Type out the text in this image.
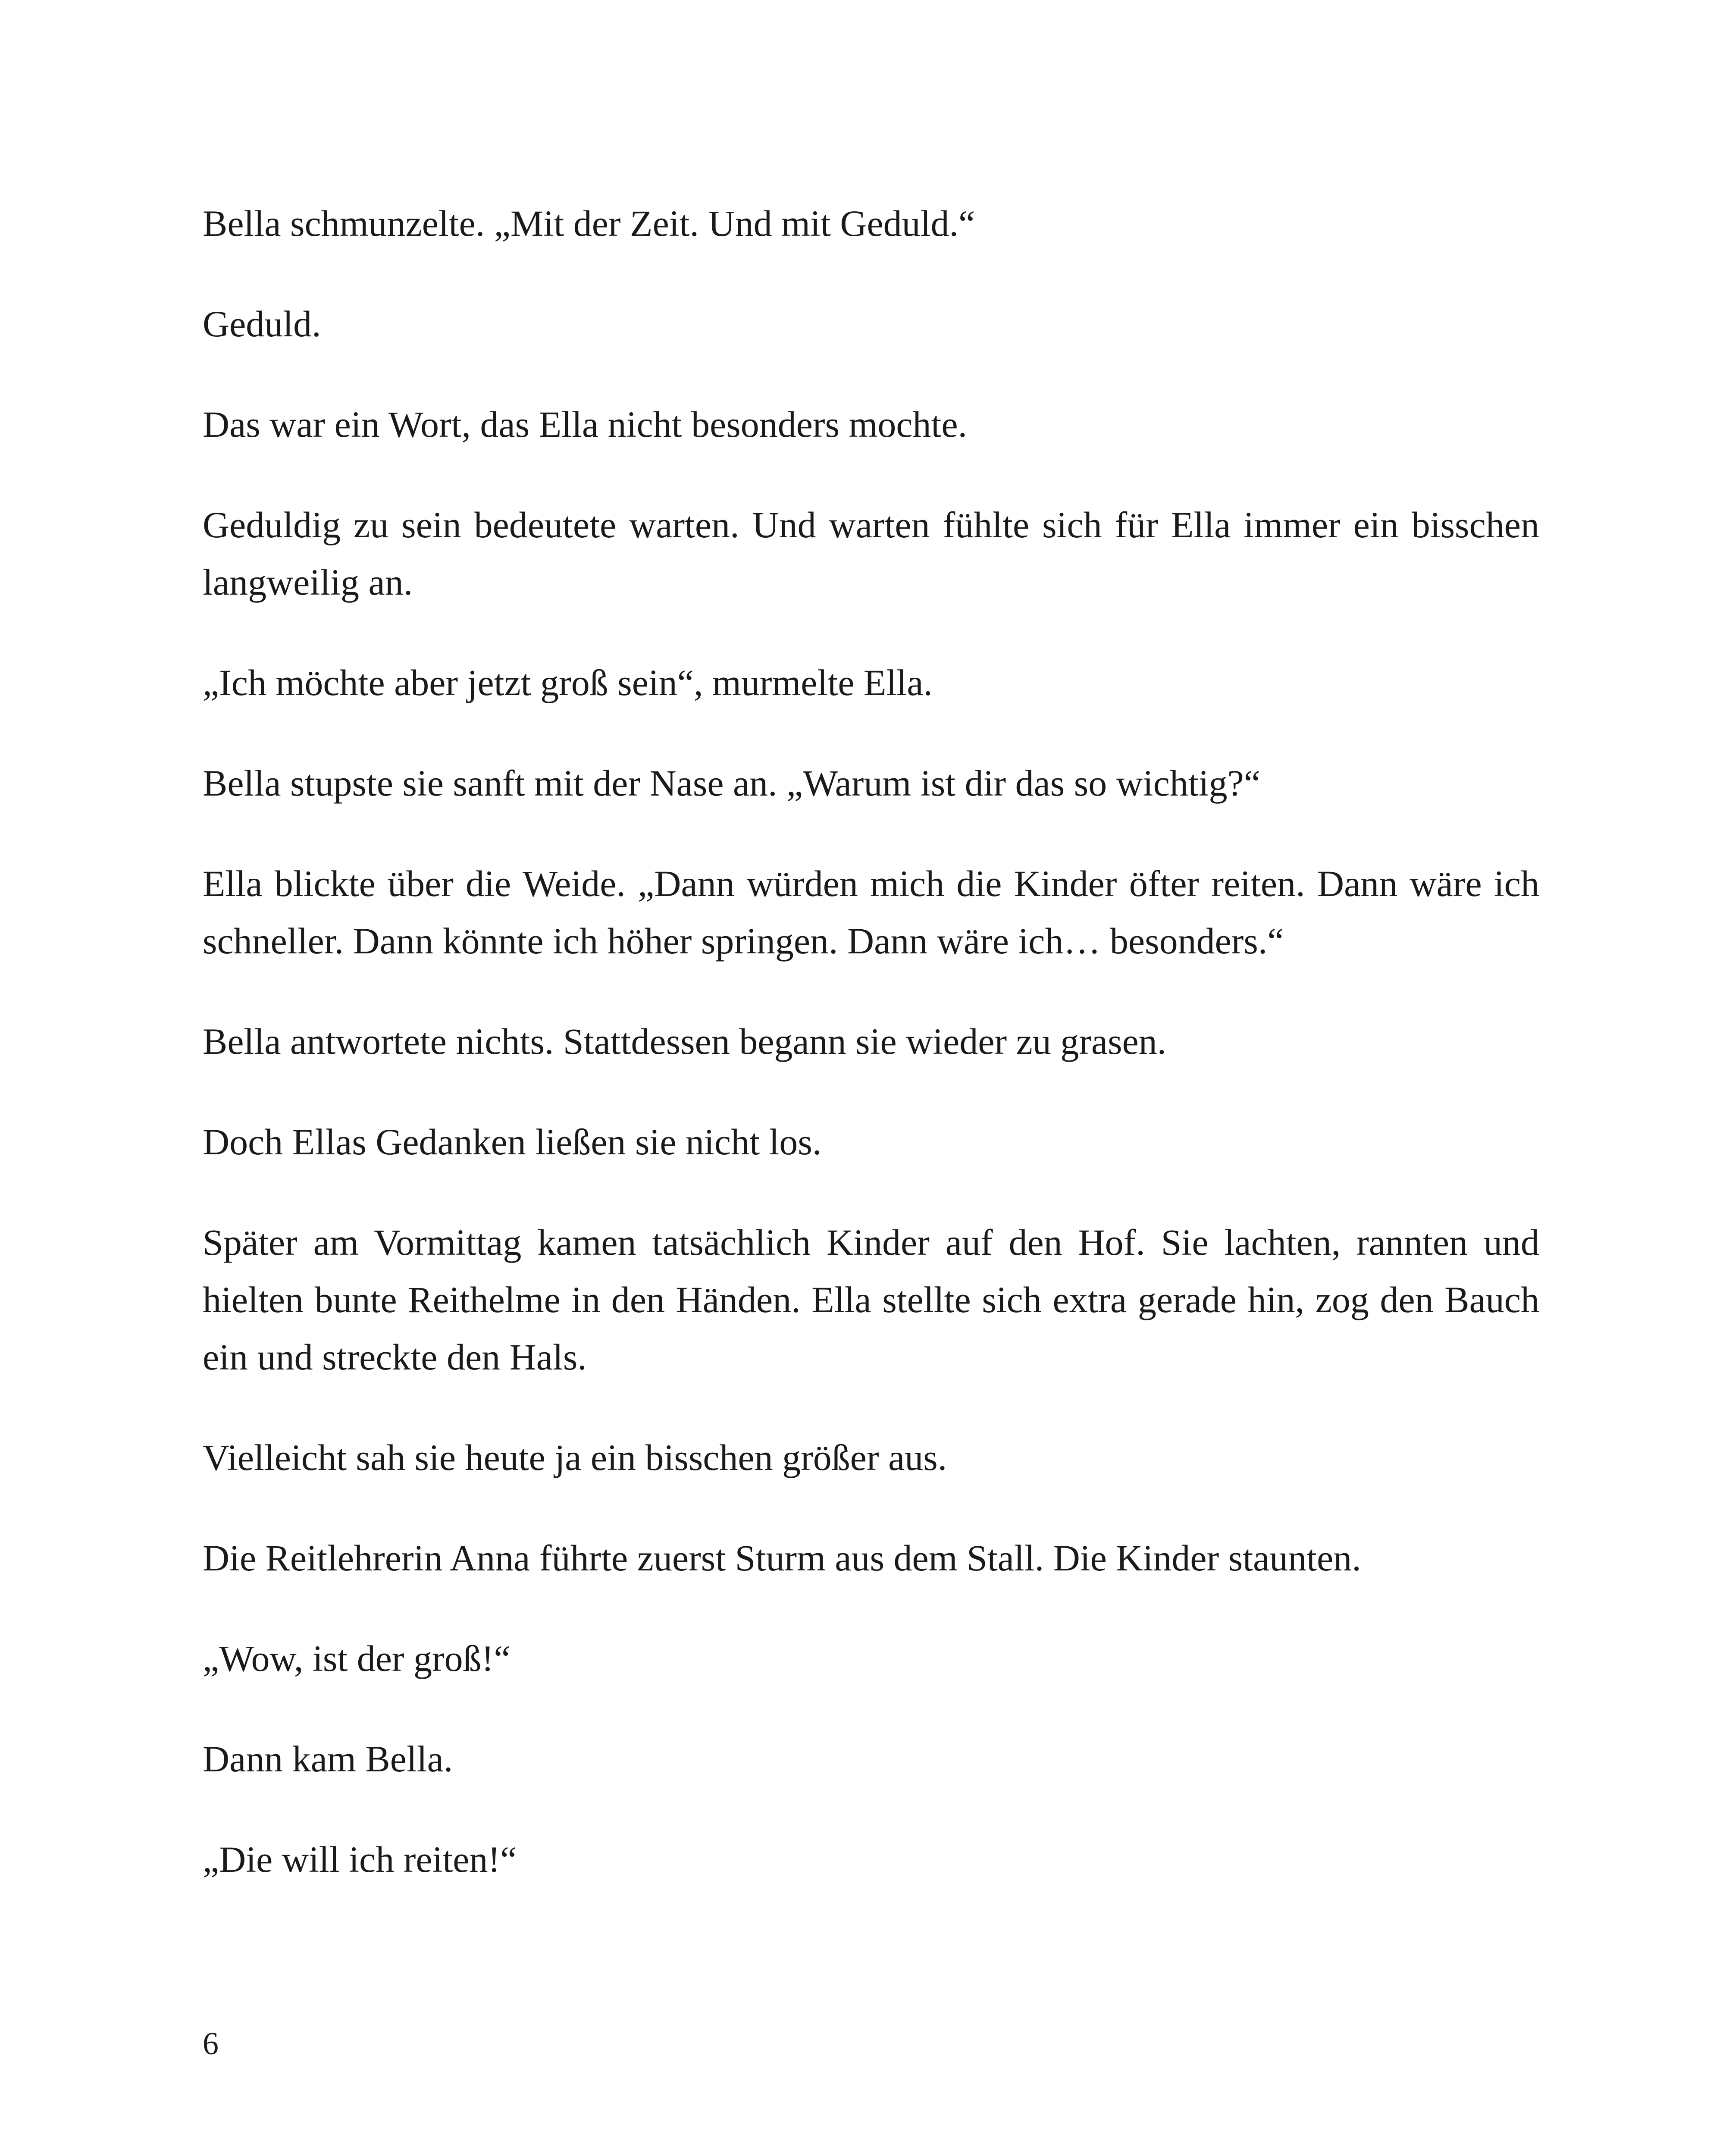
Bella schmunzelte. „Mit der Zeit. Und mit Geduld.“

Geduld.

Das war ein Wort, das Ella nicht besonders mochte.

Geduldig zu sein bedeutete warten. Und warten fühlte sich für Ella immer ein bisschen langweilig an.

„Ich möchte aber jetzt groß sein“, murmelte Ella.

Bella stupste sie sanft mit der Nase an. „Warum ist dir das so wichtig?“

Ella blickte über die Weide. „Dann würden mich die Kinder öfter reiten. Dann wäre ich schneller. Dann könnte ich höher springen. Dann wäre ich… besonders.“

Bella antwortete nichts. Stattdessen begann sie wieder zu grasen.

Doch Ellas Gedanken ließen sie nicht los.

Später am Vormittag kamen tatsächlich Kinder auf den Hof. Sie lachten, rannten und hielten bunte Reithelme in den Händen. Ella stellte sich extra gerade hin, zog den Bauch ein und streckte den Hals.

Vielleicht sah sie heute ja ein bisschen größer aus.

Die Reitlehrerin Anna führte zuerst Sturm aus dem Stall. Die Kinder staunten.

„Wow, ist der groß!“

Dann kam Bella.

„Die will ich reiten!“

6
